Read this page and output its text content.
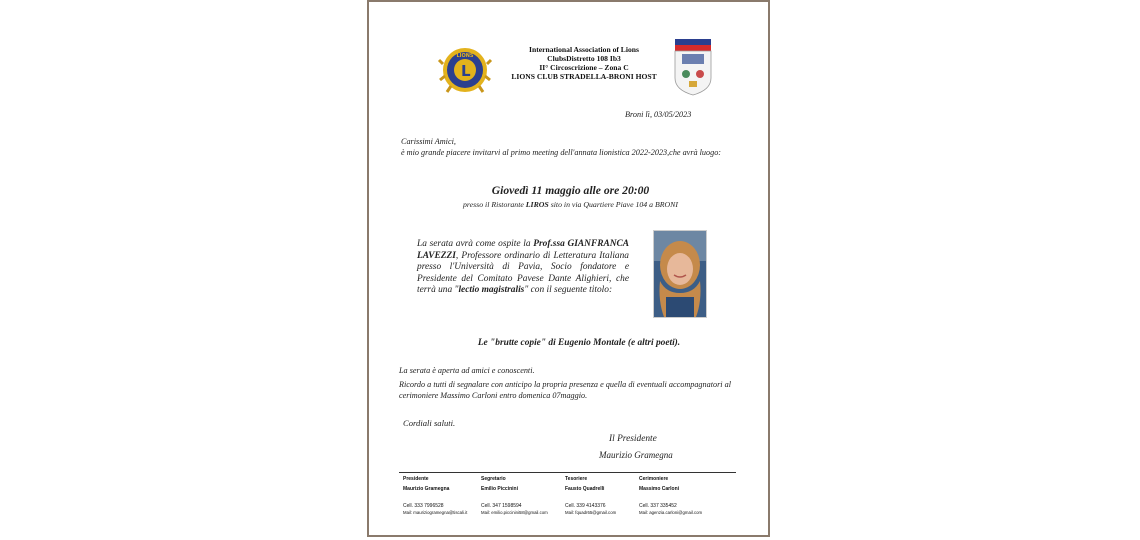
L
LIONS
International Association of Lions
ClubsDistretto 108 Ib3
II° Circoscrizione – Zona C
LIONS CLUB STRADELLA-BRONI HOST
Broni lì, 03/05/2023
Carissimi Amici,
è mio grande piacere invitarvi al primo meeting dell'annata lionistica 2022-2023,che avrà luogo:
Giovedì 11 maggio alle ore 20:00
presso il Ristorante LIROS sito in via Quartiere Piave 104 a BRONI
La serata avrà come ospite la Prof.ssa GIANFRANCA LAVEZZI, Professore ordinario di Letteratura Italiana presso l'Università di Pavia, Socio fondatore e Presidente del Comitato Pavese Dante Alighieri, che terrà una "lectio magistralis" con il seguente titolo:
Le "brutte copie" di Eugenio Montale (e altri poeti).
La serata è aperta ad amici e conoscenti.
Ricordo a tutti di segnalare con anticipo la propria presenza e quella di eventuali accompagnatori al cerimoniere Massimo Carloni entro domenica 07maggio.
Cordiali saluti.
Il Presidente
Maurizio Gramegna
Presidente
Maurizio Gramegna
Cell. 333 7996528
Mail: mauriziogramegna@tiscali.it
Segretario
Emilio Piccinini
Cell. 347 1598594
Mail: emilio.piccinini58@gmail.com
Tesoriere
Fausto Quadrelli
Cell. 339 4143376
Mail: fquadr65@gmail.com
Cerimoniere
Massimo Carloni
Cell. 337 335452
Mail: agenzia.carloni@gmail.com
